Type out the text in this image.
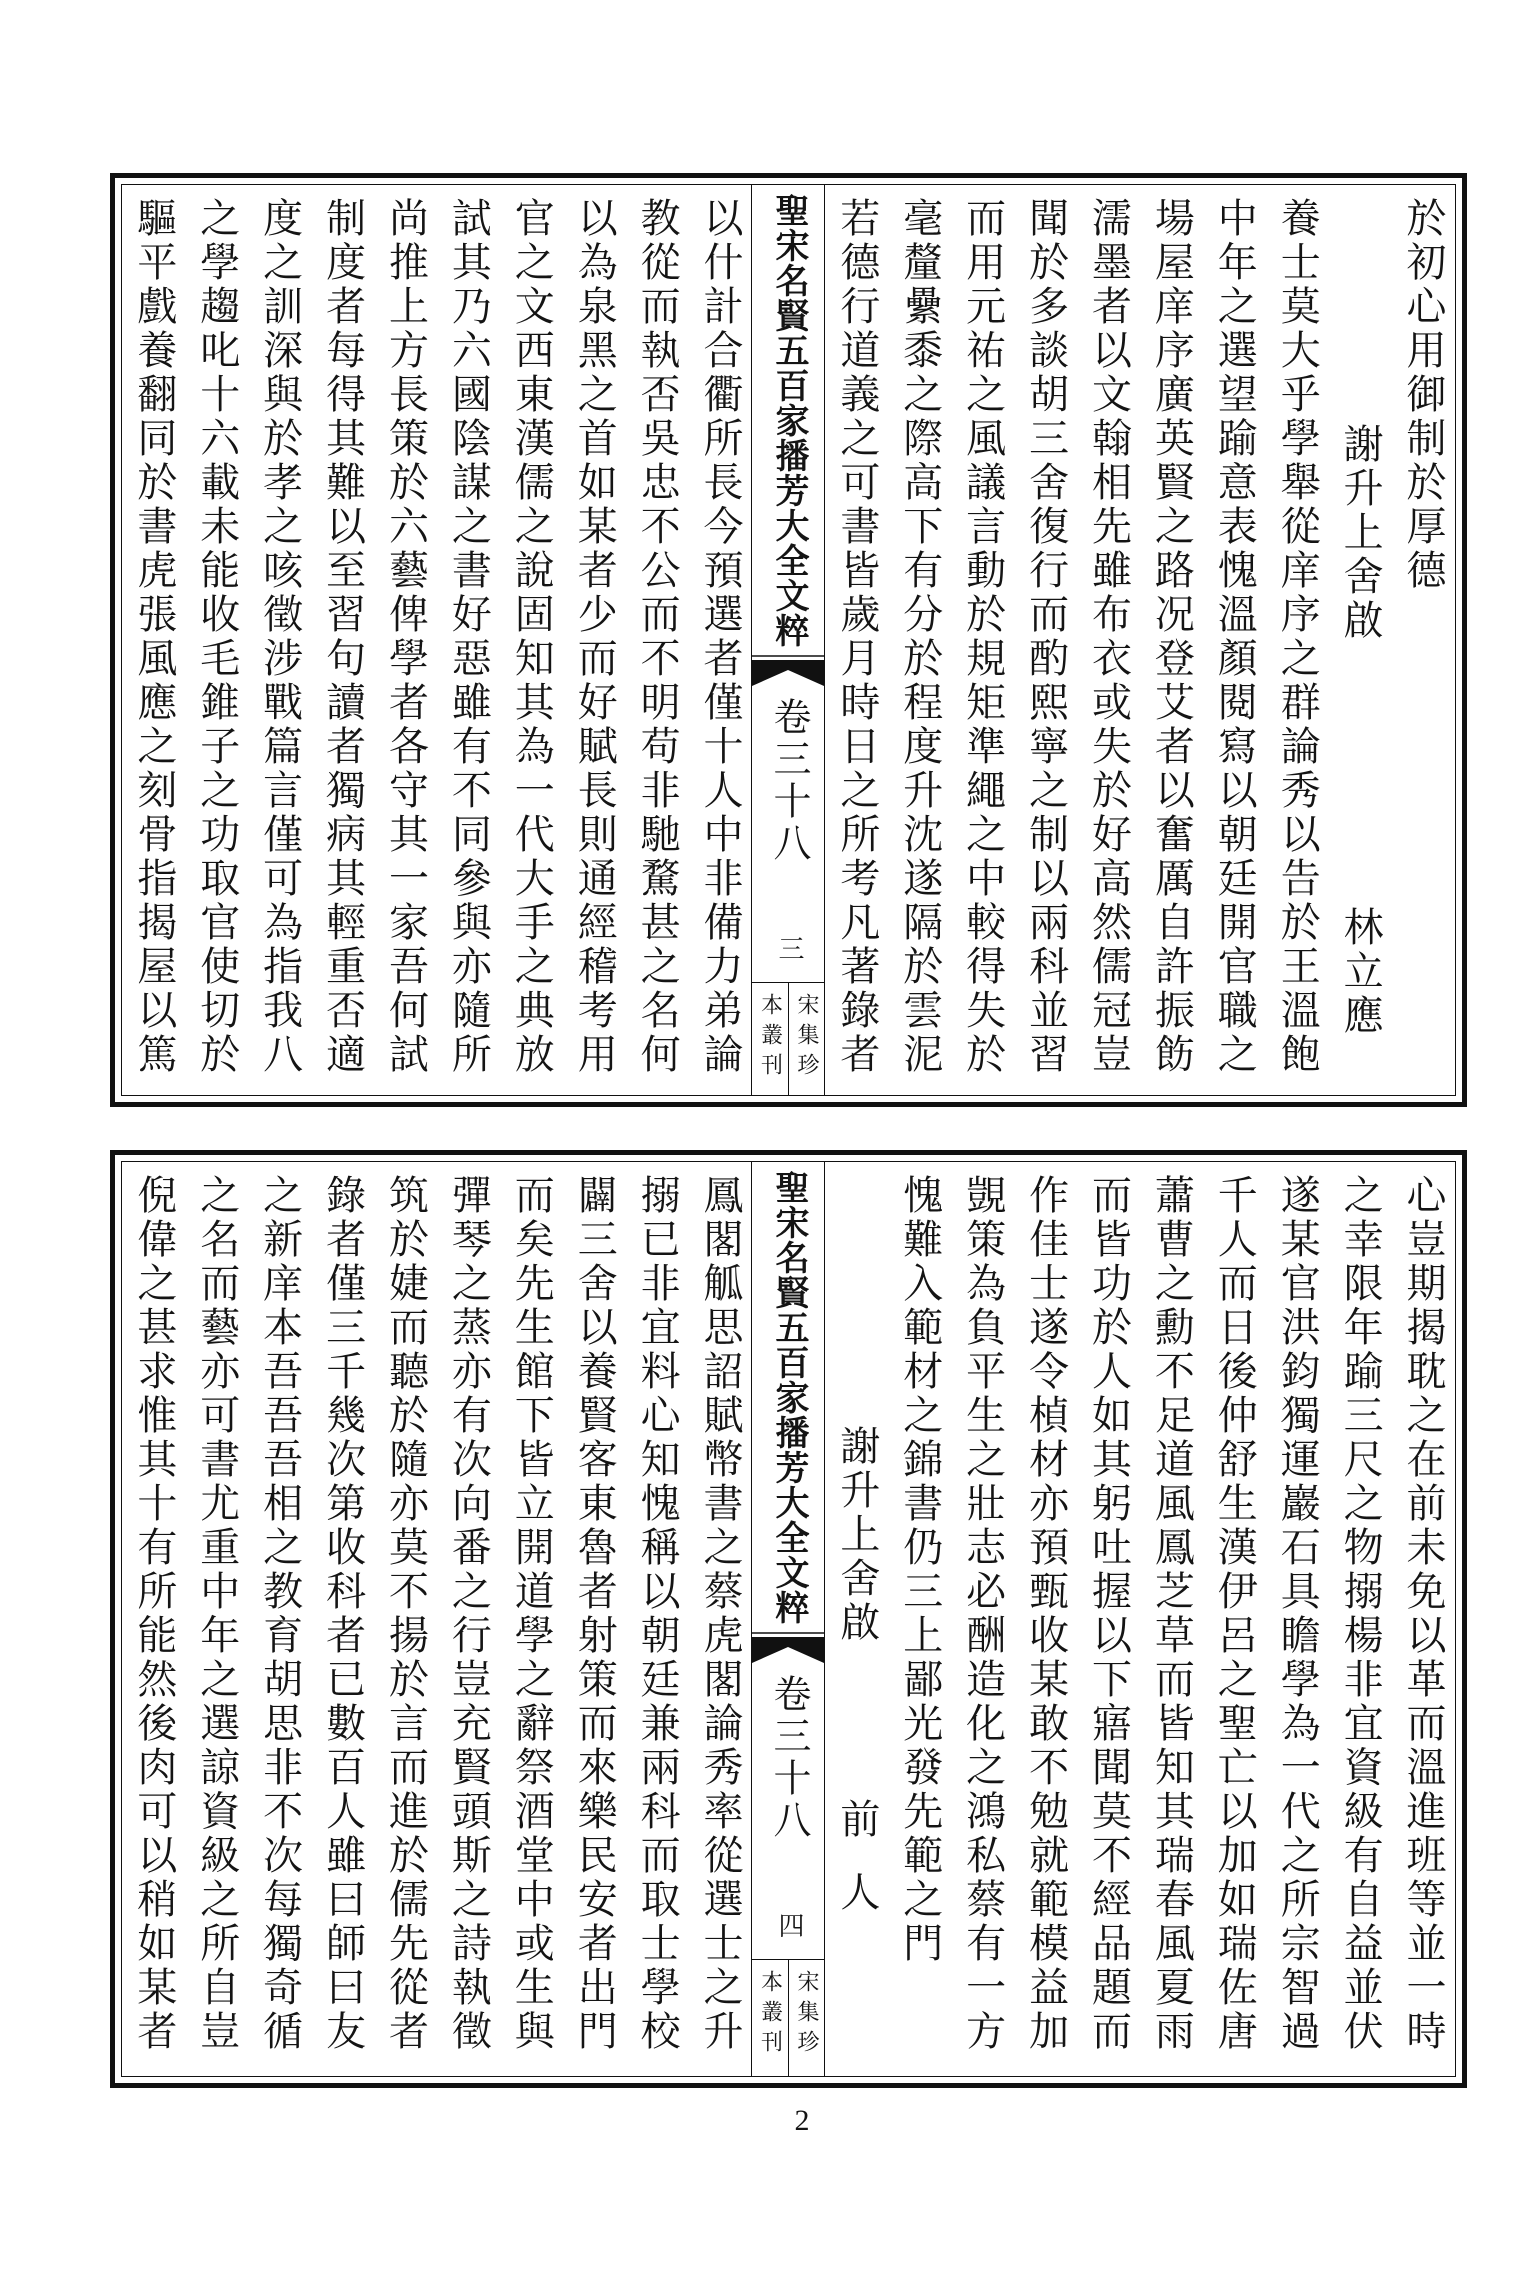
以什計合衢所長今預選者僅十人中非備力弟論
教從而執否吳忠不公而不明苟非馳騖甚之名何
以為泉黑之首如某者少而好賦長則通經稽考用
官之文西東漢儒之說固知其為一代大手之典放
試其乃六國陰謀之書好惡雖有不同參與亦隨所
尚推上方長策於六藝俾學者各守其一家吾何試
制度者每得其難以至習句讀者獨病其輕重否適
度之訓深與於孝之咳徵涉戰篇言僅可為指我八
之學趨叱十六載未能收毛錐子之功取官使切於
驅平戲養翻同於書虎張風應之刻骨指揭屋以篤	聖宋名賢五百家播芳大全文粹
卷三十八
三
宋集珍
本叢刊
於初心用御制於厚德
謝升上舍啟
林立應
養士莫大乎學舉從庠序之群論秀以告於王溫飽
中年之選望踰意表愧溫顏閱寫以朝廷開官職之
場屋庠序廣英賢之路况登艾者以奮厲自許振飭
濡墨者以文翰相先雖布衣或失於好高然儒冠豈
聞於多談胡三舍復行而酌熙寧之制以兩科並習
而用元祐之風議言動於規矩準繩之中較得失於
毫釐纍黍之際高下有分於程度升沈遂隔於雲泥
若德行道義之可書皆歲月時日之所考凡著錄者
鳳閣觚思詔賦幣書之蔡虎閣論秀率從選士之升
搦已非宜料心知愧稱以朝廷兼兩科而取士學校
闢三舍以養賢客東魯者射策而來樂民安者出門
而矣先生館下皆立開道學之辭祭酒堂中或生與
彈琴之蒸亦有次向番之行豈充賢頭斯之詩執徵
筑於婕而聽於隨亦莫不揚於言而進於儒先從者
錄者僅三千幾次第收科者已數百人雖曰師曰友
之新庠本吾吾吾相之教育胡思非不次每獨奇循
之名而藝亦可書尤重中年之選諒資級之所自豈
倪偉之甚求惟其十有所能然後肉可以稍如某者	聖宋名賢五百家播芳大全文粹
卷三十八
四
宋集珍
本叢刊	心豈期揭耽之在前未免以革而溫進班等並一時
之幸限年踰三尺之物搦楊非宜資級有自益並伏
遂某官洪鈞獨運巖石具瞻學為一代之所宗智過
千人而日後仲舒生漢伊呂之聖亡以加如瑞佐唐
蕭曹之勳不足道風鳳芝草而皆知其瑞春風夏雨
而皆功於人如其躬吐握以下寤聞莫不經品題而
作佳士遂令楨材亦預甄收某敢不勉就範模益加
覬策為負平生之壯志必酬造化之鴻私蔡有一方
愧難入範材之錦書仍三上鄙光發先範之門
謝升上舍啟
前人
2
